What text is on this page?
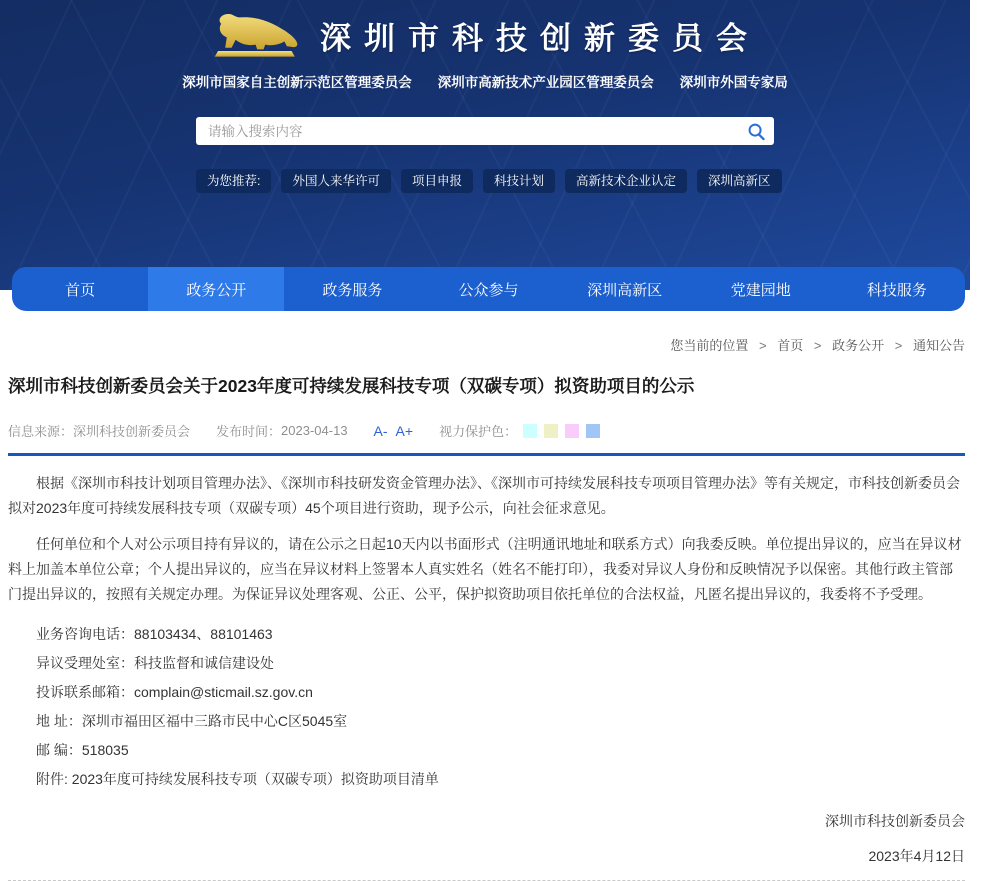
深圳市科技创新委员会
深圳市国家自主创新示范区管理委员会 深圳市高新技术产业园区管理委员会 深圳市外国专家局
请输入搜索内容
为您推荐:	外国人来华许可	项目申报	科技计划	高新技术企业认定	深圳高新区
首页	政务公开	政务服务	公众参与	深圳高新区	党建园地	科技服务
您当前的位置 > 首页 > 政务公开 > 通知公告
深圳市科技创新委员会关于2023年度可持续发展科技专项（双碳专项）拟资助项目的公示
信息来源： 深圳科技创新委员会 发布时间： 2023-04-13 A- A+ 视力保护色：

根据《深圳市科技计划项目管理办法》、《深圳市科技研发资金管理办法》、《深圳市可持续发展科技专项项目管理办法》等有关规定，市科技创新委员会拟对2023年度可持续发展科技专项（双碳专项）45个项目进行资助，现予公示，向社会征求意见。

任何单位和个人对公示项目持有异议的，请在公示之日起10天内以书面形式（注明通讯地址和联系方式）向我委反映。单位提出异议的，应当在异议材料上加盖本单位公章；个人提出异议的，应当在异议材料上签署本人真实姓名（姓名不能打印），我委对异议人身份和反映情况予以保密。其他行政主管部门提出异议的，按照有关规定办理。为保证异议处理客观、公正、公平，保护拟资助项目依托单位的合法权益，凡匿名提出异议的，我委将不予受理。

业务咨询电话：88103434、88101463
异议受理处室：科技监督和诚信建设处
投诉联系邮箱：complain@sticmail.sz.gov.cn
地 址：深圳市福田区福中三路市民中心C区5045室
邮 编：518035
附件: 2023年度可持续发展科技专项（双碳专项）拟资助项目清单
深圳市科技创新委员会
2023年4月12日
